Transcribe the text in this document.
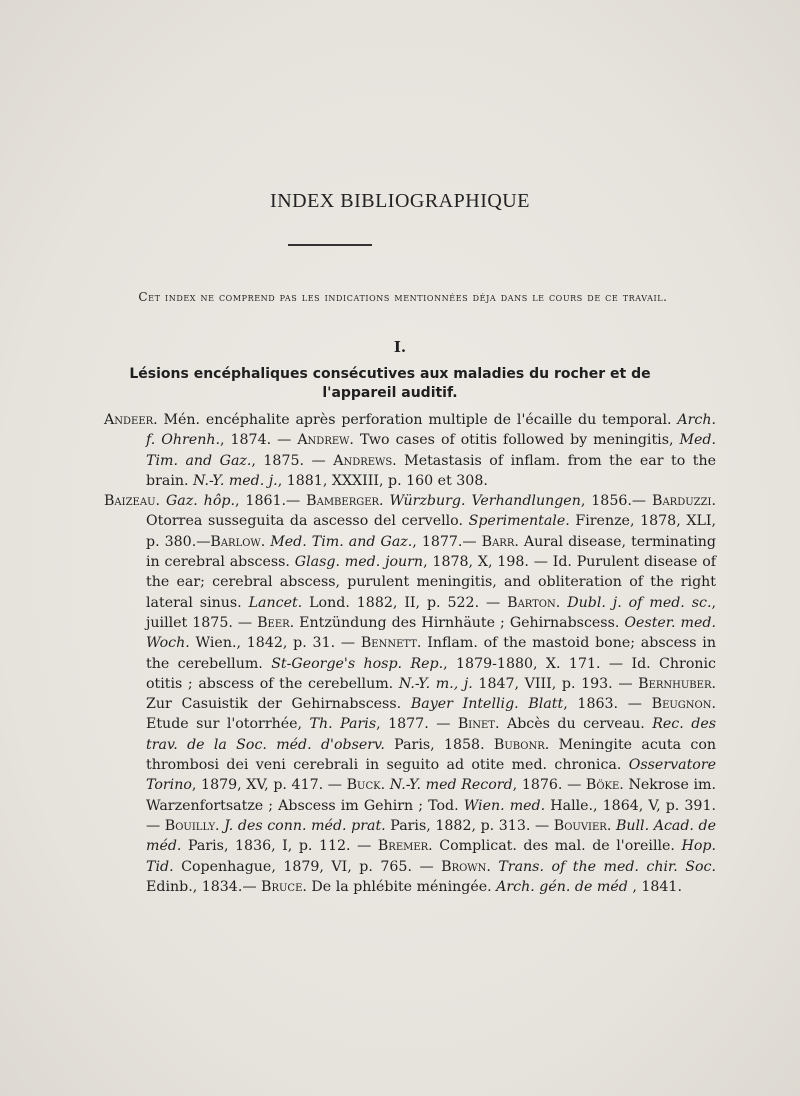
INDEX BIBLIOGRAPHIQUE
Cet index ne comprend pas les indications mentionnées déja dans le cours de ce travail.
I.
Lésions encéphaliques consécutives aux maladies du rocher et de l'appareil auditif.

Andeer. Mén. encéphalite après perforation multiple de l'écaille du temporal. Arch. f. Ohrenh., 1874. — Andrew. Two cases of otitis followed by meningitis, Med. Tim. and Gaz., 1875. — Andrews. Metastasis of inflam. from the ear to the brain. N.-Y. med. j., 1881, XXXIII, p. 160 et 308.

Baizeau. Gaz. hôp., 1861.— Bamberger. Würzburg. Verhandlungen, 1856.— Barduzzi. Otorrea susseguita da ascesso del cervello. Sperimentale. Firenze, 1878, XLI, p. 380.—Barlow. Med. Tim. and Gaz., 1877.— Barr. Aural disease, terminating in cerebral abscess. Glasg. med. journ, 1878, X, 198. — Id. Purulent disease of the ear; cerebral abscess, purulent meningitis, and obliteration of the right lateral sinus. Lancet. Lond. 1882, II, p. 522. — Barton. Dubl. j. of med. sc., juillet 1875. — Beer. Entzündung des Hirnhäute ; Gehirnabscess. Oester. med. Woch. Wien., 1842, p. 31. — Bennett. Inflam. of the mastoid bone; abscess in the cerebellum. St-George's hosp. Rep., 1879-1880, X. 171. — Id. Chronic otitis ; abscess of the cerebellum. N.-Y. m., j. 1847, VIII, p. 193. — Bernhuber. Zur Casuistik der Gehirnabscess. Bayer Intellig. Blatt, 1863. — Beugnon. Etude sur l'otorrhée, Th. Paris, 1877. — Binet. Abcès du cerveau. Rec. des trav. de la Soc. méd. d'observ. Paris, 1858. Bubonr. Meningite acuta con thrombosi dei veni cerebrali in seguito ad otite med. chronica. Osservatore Torino, 1879, XV, p. 417. — Buck. N.-Y. med Record, 1876. — Böke. Nekrose im. Warzenfortsatze ; Abscess im Gehirn ; Tod. Wien. med. Halle., 1864, V, p. 391. — Bouilly. J. des conn. méd. prat. Paris, 1882, p. 313. — Bouvier. Bull. Acad. de méd. Paris, 1836, I, p. 112. — Bremer. Complicat. des mal. de l'oreille. Hop. Tid. Copenhague, 1879, VI, p. 765. — Brown. Trans. of the med. chir. Soc. Edinb., 1834.— Bruce. De la phlébite méningée. Arch. gén. de méd , 1841.
